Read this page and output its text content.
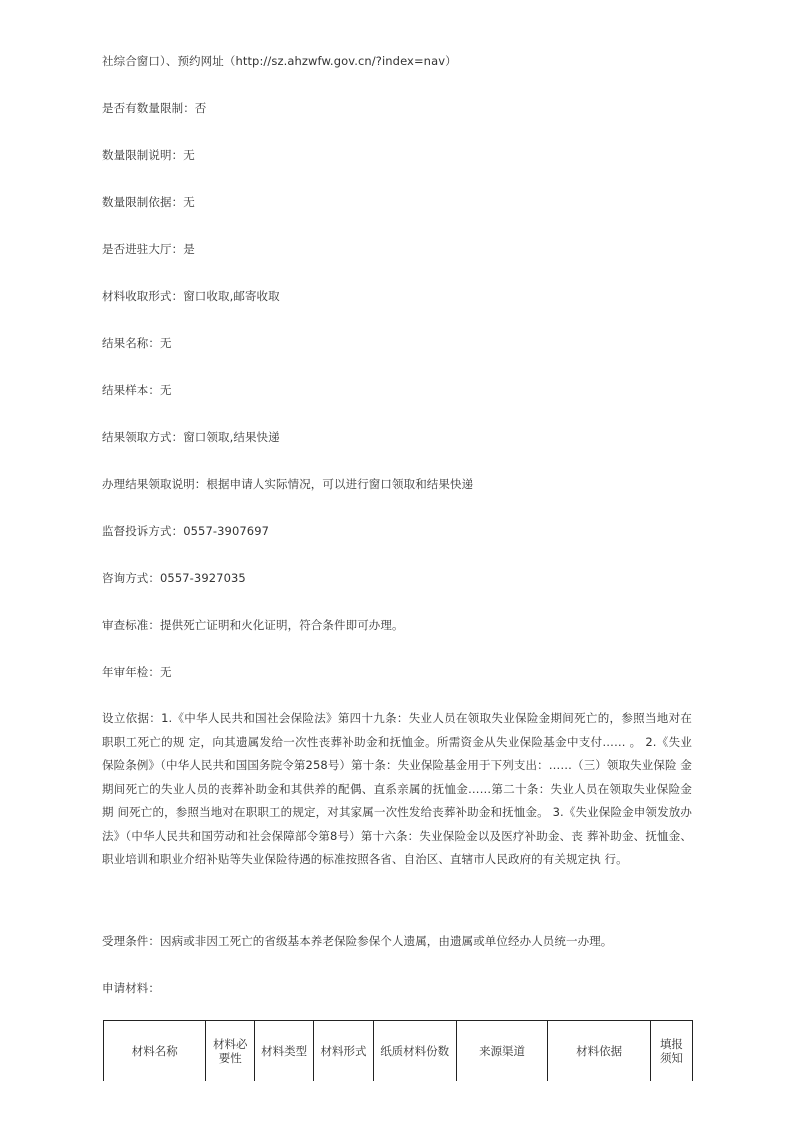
社综合窗口）、预约网址（http://sz.ahzwfw.gov.cn/?index=nav）
是否有数量限制：否
数量限制说明：无
数量限制依据：无
是否进驻大厅：是
材料收取形式：窗口收取,邮寄收取
结果名称：无
结果样本：无
结果领取方式：窗口领取,结果快递
办理结果领取说明：根据申请人实际情况，可以进行窗口领取和结果快递
监督投诉方式：0557-3907697
咨询方式：0557-3927035
审查标准：提供死亡证明和火化证明，符合条件即可办理。
年审年检：无
设立依据：1.《中华人民共和国社会保险法》第四十九条：失业人员在领取失业保险金期间死亡的，参照当地对在职职工死亡的规 定，向其遗属发给一次性丧葬补助金和抚恤金。所需资金从失业保险基金中支付…… 。 2.《失业保险条例》（中华人民共和国国务院令第258号）第十条：失业保险基金用于下列支出：……（三）领取失业保险 金期间死亡的失业人员的丧葬补助金和其供养的配偶、直系亲属的抚恤金……第二十条：失业人员在领取失业保险金期 间死亡的，参照当地对在职职工的规定，对其家属一次性发给丧葬补助金和抚恤金。 3.《失业保险金申领发放办法》（中华人民共和国劳动和社会保障部令第8号）第十六条：失业保险金以及医疗补助金、丧 葬补助金、抚恤金、职业培训和职业介绍补贴等失业保险待遇的标准按照各省、自治区、直辖市人民政府的有关规定执 行。
受理条件：因病或非因工死亡的省级基本养老保险参保个人遗属，由遗属或单位经办人员统一办理。
申请材料：
材料名称	材料必要性	材料类型	材料形式	纸质材料份数	来源渠道	材料依据	填报须知
